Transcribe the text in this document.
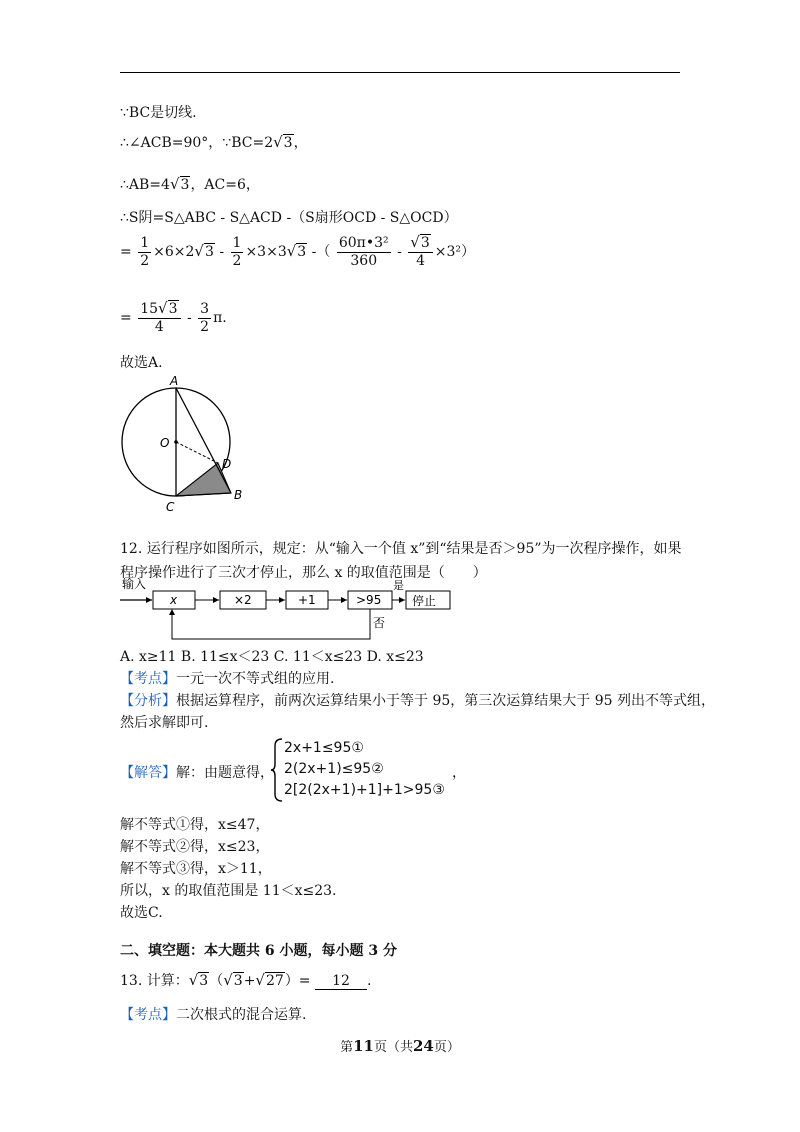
∵BC是切线.
∴∠ACB=90°，∵BC=2√3，
∴AB=4√3，AC=6，
∴S阴=S△ABC - S△ACD -（S扇形OCD - S△OCD）
= $\frac{1}{2} \times 6\times 2√3 - \frac{1}{2} \times 3\times 3√3$ -（ $\frac{\text{60π•3²}}{360} - \frac{√3}{4} \times 3^2$）
= $\frac{15√3}{4} - \frac{3}{2} \pi$.
故选A.
A
O
C
D
B
12. 运行程序如图所示，规定：从“输入一个值 x”到“结果是否＞95”为一次程序操作，如果
程序操作进行了三次才停止，那么 x 的取值范围是（　　）
输入
x	×2	+1	>95
是
停止
否
A. x≥11 B. 11≤x＜23 C. 11＜x≤23 D. x≤23
【考点】一元一次不等式组的应用.
【分析】根据运算程序，前两次运算结果小于等于 95，第三次运算结果大于 95 列出不等式组，
然后求解即可.
【解答】解：由题意得，
2x+1≤95①
2(2x+1)≤95②
2[2(2x+1)+1]+1>95③
，
解不等式①得，x≤47，
解不等式②得，x≤23，
解不等式③得，x＞11，
所以，x 的取值范围是 11＜x≤23.
故选C.
二、填空题：本大题共 6 小题，每小题 3 分
13. 计算：√3（√3+√27）= 12 .
【考点】二次根式的混合运算.
第11页（共24页）
